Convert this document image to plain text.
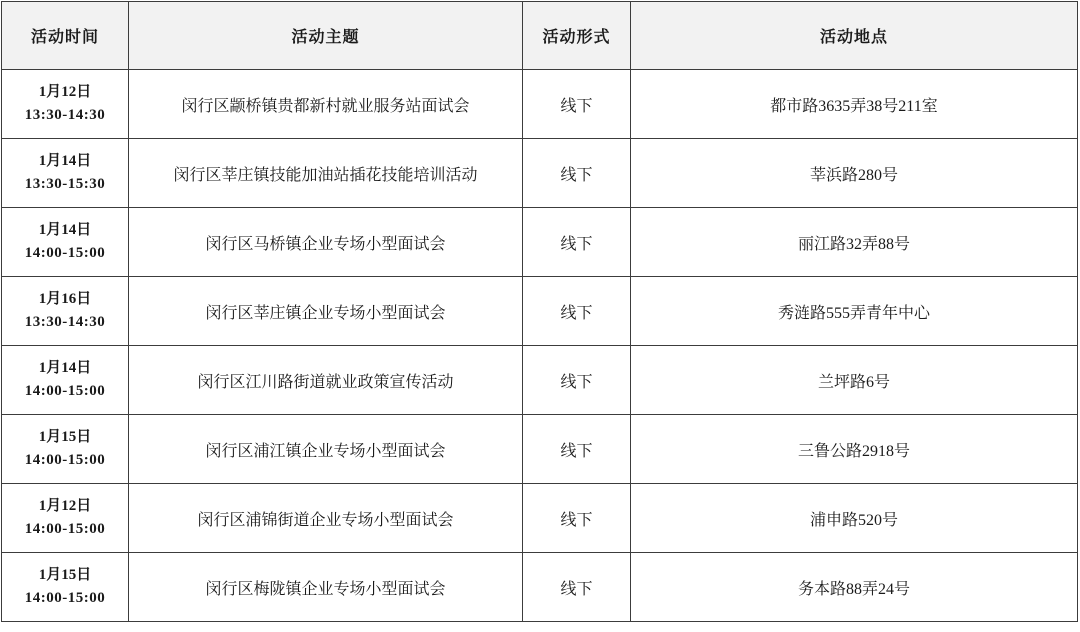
活动时间	活动主题	活动形式	活动地点

1月12日
13:30-14:30	闵行区颛桥镇贵都新村就业服务站面试会	线下	都市路3635弄38号211室

1月14日
13:30-15:30	闵行区莘庄镇技能加油站插花技能培训活动	线下	莘浜路280号

1月14日
14:00-15:00	闵行区马桥镇企业专场小型面试会	线下	丽江路32弄88号

1月16日
13:30-14:30	闵行区莘庄镇企业专场小型面试会	线下	秀涟路555弄青年中心

1月14日
14:00-15:00	闵行区江川路街道就业政策宣传活动	线下	兰坪路6号

1月15日
14:00-15:00	闵行区浦江镇企业专场小型面试会	线下	三鲁公路2918号

1月12日
14:00-15:00	闵行区浦锦街道企业专场小型面试会	线下	浦申路520号

1月15日
14:00-15:00	闵行区梅陇镇企业专场小型面试会	线下	务本路88弄24号
